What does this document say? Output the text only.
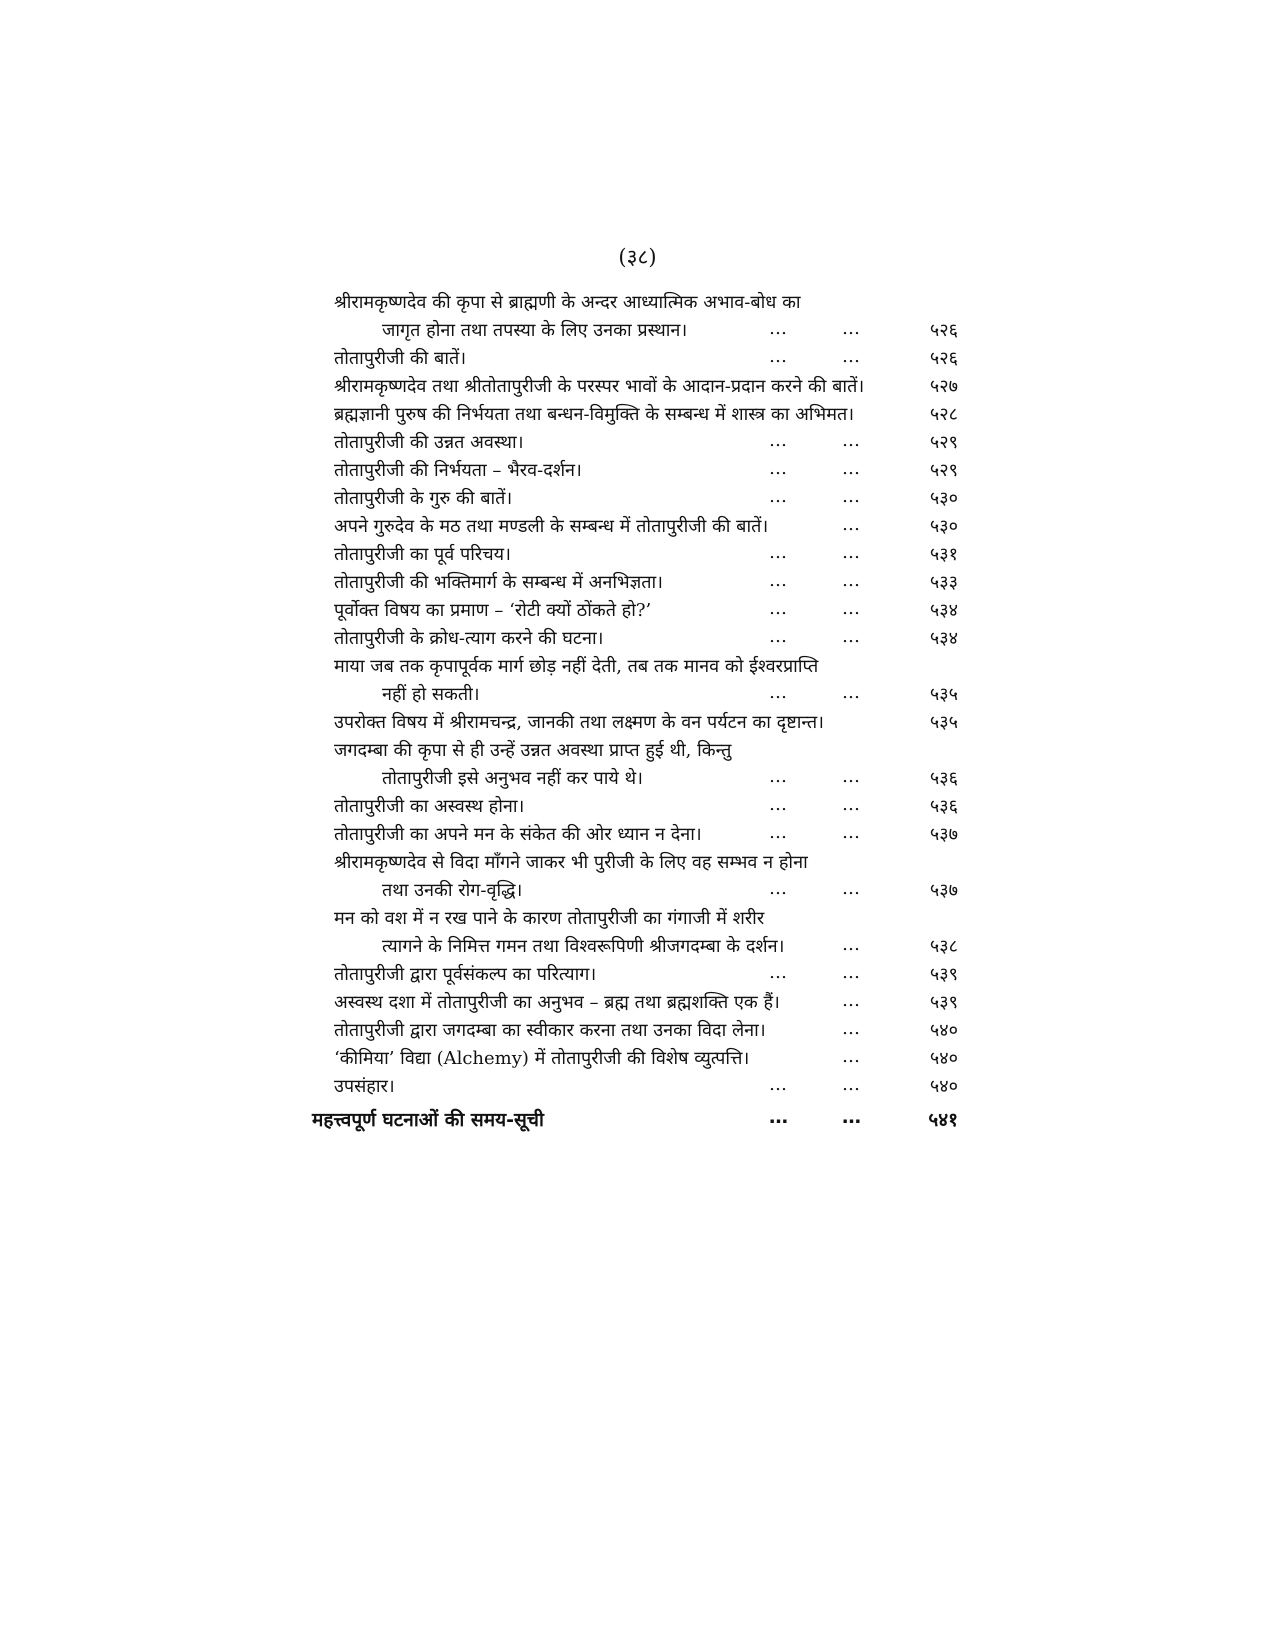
(३८)
श्रीरामकृष्णदेव की कृपा से ब्राह्मणी के अन्दर आध्यात्मिक अभाव-बोध का
जागृत होना तथा तपस्या के लिए उनका प्रस्थान।	…	…	५२६
तोतापुरीजी की बातें।	…	…	५२६
श्रीरामकृष्णदेव तथा श्रीतोतापुरीजी के परस्पर भावों के आदान-प्रदान करने की बातें।	५२७
ब्रह्मज्ञानी पुरुष की निर्भयता तथा बन्धन-विमुक्ति के सम्बन्ध में शास्त्र का अभिमत।	५२८
तोतापुरीजी की उन्नत अवस्था।	…	…	५२९
तोतापुरीजी की निर्भयता – भैरव-दर्शन।	…	…	५२९
तोतापुरीजी के गुरु की बातें।	…	…	५३०
अपने गुरुदेव के मठ तथा मण्डली के सम्बन्ध में तोतापुरीजी की बातें।	…	५३०
तोतापुरीजी का पूर्व परिचय।	…	…	५३१
तोतापुरीजी की भक्तिमार्ग के सम्बन्ध में अनभिज्ञता।	…	…	५३३
पूर्वोक्त विषय का प्रमाण – ‘रोटी क्यों ठोंकते हो?’	…	…	५३४
तोतापुरीजी के क्रोध-त्याग करने की घटना।	…	…	५३४
माया जब तक कृपापूर्वक मार्ग छोड़ नहीं देती, तब तक मानव को ईश्वरप्राप्ति
नहीं हो सकती।	…	…	५३५
उपरोक्त विषय में श्रीरामचन्द्र, जानकी तथा लक्ष्मण के वन पर्यटन का दृष्टान्त।	५३५
जगदम्बा की कृपा से ही उन्हें उन्नत अवस्था प्राप्त हुई थी, किन्तु
तोतापुरीजी इसे अनुभव नहीं कर पाये थे।	…	…	५३६
तोतापुरीजी का अस्वस्थ होना।	…	…	५३६
तोतापुरीजी का अपने मन के संकेत की ओर ध्यान न देना।	…	…	५३७
श्रीरामकृष्णदेव से विदा माँगने जाकर भी पुरीजी के लिए वह सम्भव न होना
तथा उनकी रोग-वृद्धि।	…	…	५३७
मन को वश में न रख पाने के कारण तोतापुरीजी का गंगाजी में शरीर
त्यागने के निमित्त गमन तथा विश्वरूपिणी श्रीजगदम्बा के दर्शन।	…	५३८
तोतापुरीजी द्वारा पूर्वसंकल्प का परित्याग।	…	…	५३९
अस्वस्थ दशा में तोतापुरीजी का अनुभव – ब्रह्म तथा ब्रह्मशक्ति एक हैं।	…	५३९
तोतापुरीजी द्वारा जगदम्बा का स्वीकार करना तथा उनका विदा लेना।	…	५४०
‘कीमिया’ विद्या (Alchemy) में तोतापुरीजी की विशेष व्युत्पत्ति।	…	५४०
उपसंहार।	…	…	५४०
महत्त्वपूर्ण घटनाओं की समय-सूची	…	…	५४१
